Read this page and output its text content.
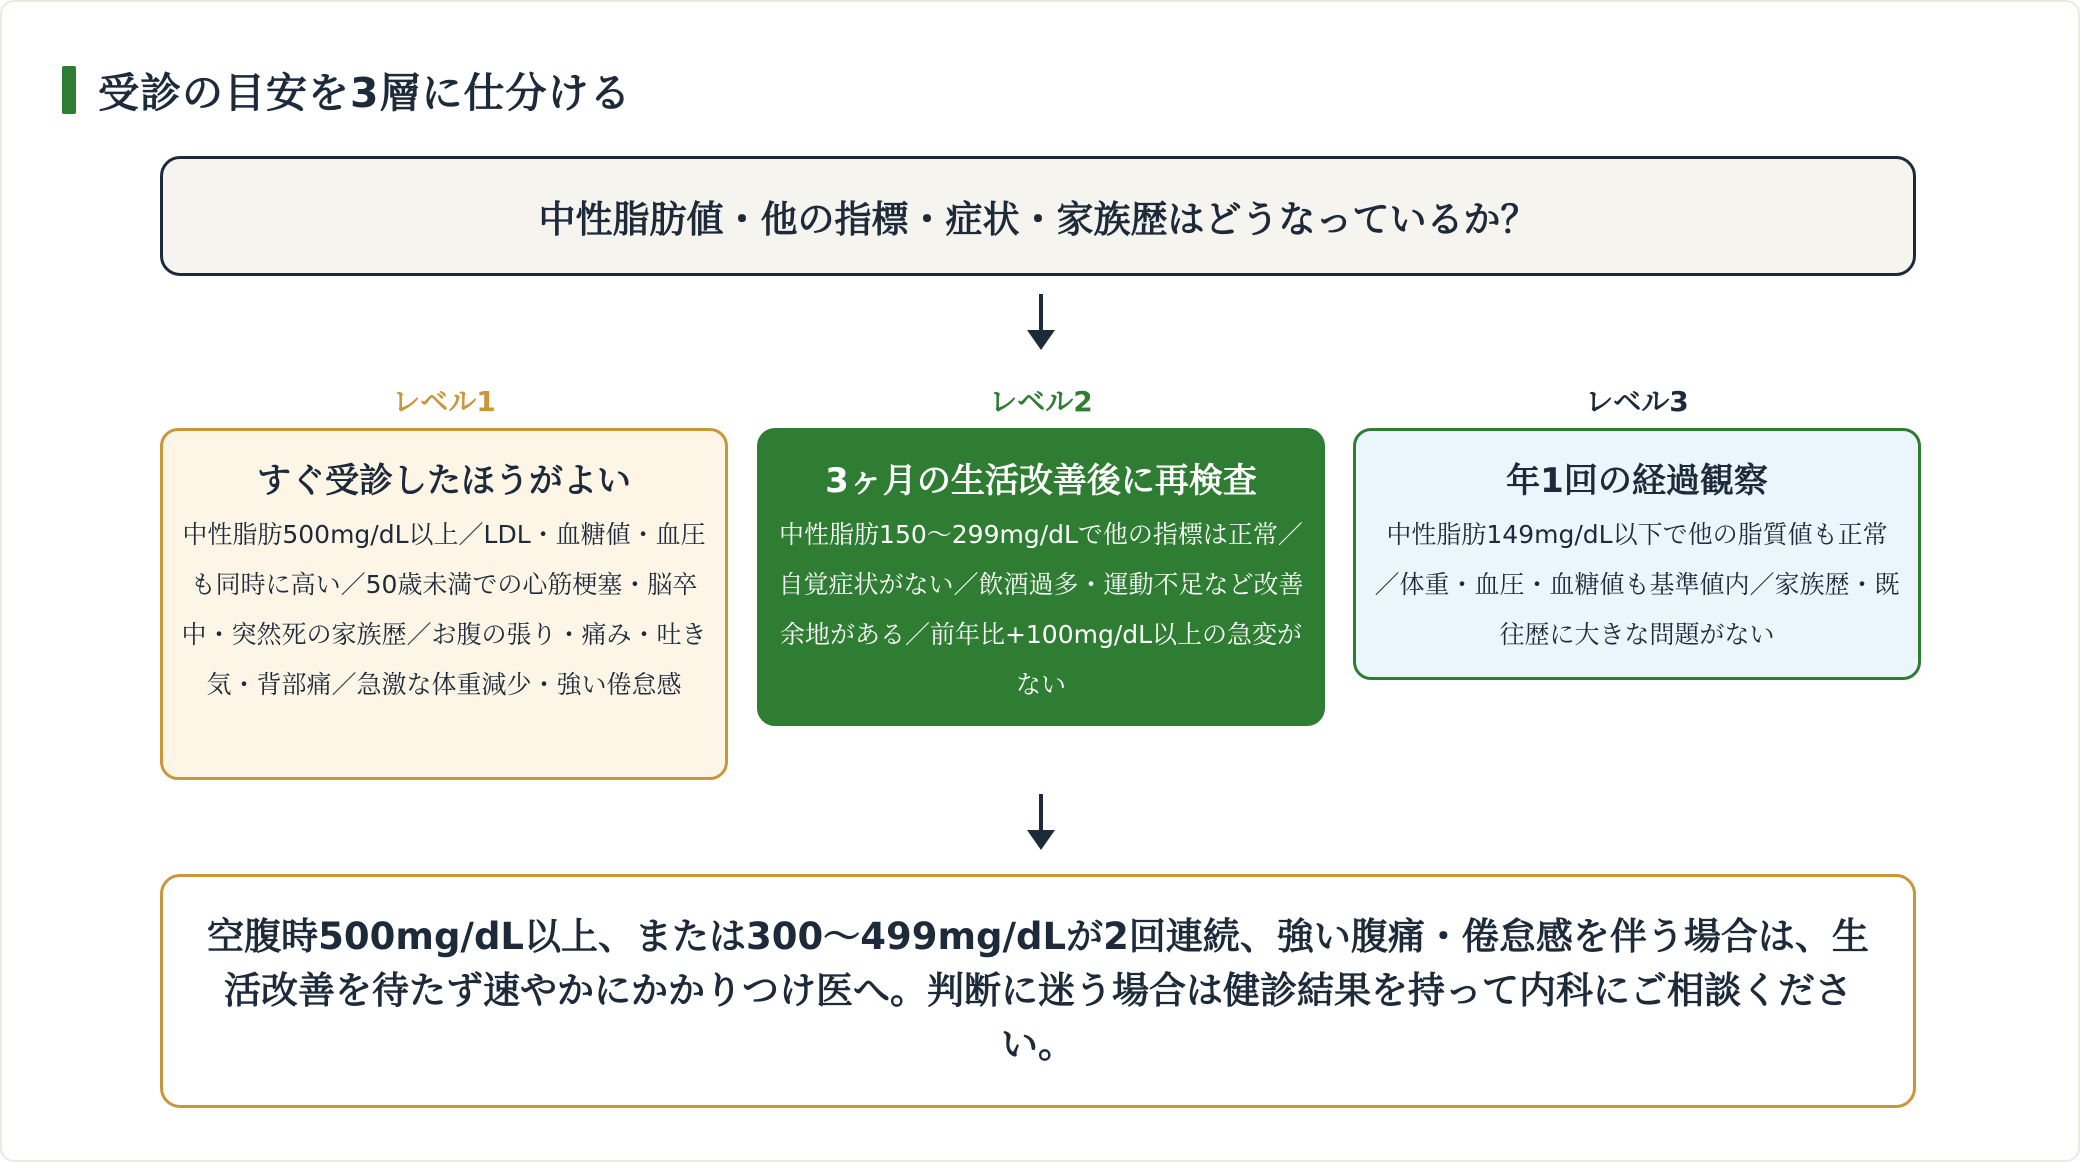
受診の目安を3層に仕分ける
中性脂肪値・他の指標・症状・家族歴はどうなっているか？
レベル1	レベル2	レベル3
すぐ受診したほうがよい
中性脂肪500mg/dL以上／LDL・血糖値・血圧も同時に高い／50歳未満での心筋梗塞・脳卒中・突然死の家族歴／お腹の張り・痛み・吐き気・背部痛／急激な体重減少・強い倦怠感
3ヶ月の生活改善後に再検査
中性脂肪150〜299mg/dLで他の指標は正常／自覚症状がない／飲酒過多・運動不足など改善余地がある／前年比+100mg/dL以上の急変がない
年1回の経過観察
中性脂肪149mg/dL以下で他の脂質値も正常／体重・血圧・血糖値も基準値内／家族歴・既往歴に大きな問題がない
空腹時500mg/dL以上、または300〜499mg/dLが2回連続、強い腹痛・倦怠感を伴う場合は、生活改善を待たず速やかにかかりつけ医へ。判断に迷う場合は健診結果を持って内科にご相談ください。
